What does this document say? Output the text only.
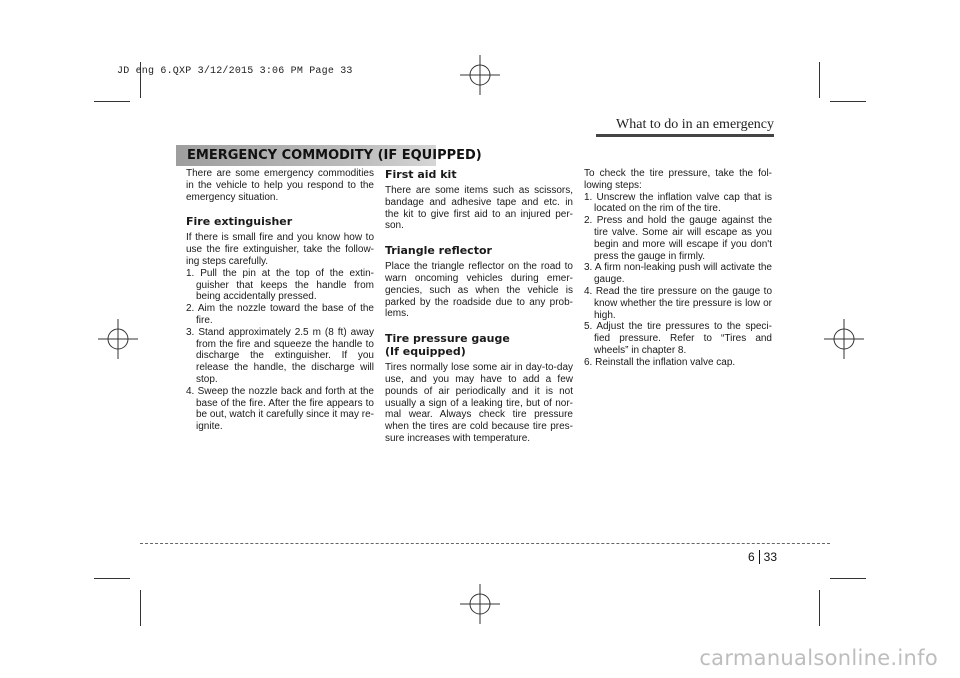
JD eng 6.QXP 3/12/2015 3:06 PM Page 33
What to do in an emergency
EMERGENCY COMMODITY (IF EQUIPPED)

There are some emergency commodities in the vehicle to help you respond to the emergency situation.

Fire extinguisher

If there is small fire and you know how to use the fire extinguisher, take the follow-ing steps carefully.

1. Pull the pin at the top of the extin-guisher that keeps the handle from being accidentally pressed.
2. Aim the nozzle toward the base of the fire.
3. Stand approximately 2.5 m (8 ft) away from the fire and squeeze the handle to discharge the extinguisher. If you release the handle, the discharge will stop.
4. Sweep the nozzle back and forth at the base of the fire. After the fire appears to be out, watch it carefully since it may re-ignite.
First aid kit

There are some items such as scissors, bandage and adhesive tape and etc. in the kit to give first aid to an injured per-son.

Triangle reflector

Place the triangle reflector on the road to warn oncoming vehicles during emer-gencies, such as when the vehicle is parked by the roadside due to any prob-lems.

Tire pressure gauge
(If equipped)

Tires normally lose some air in day-to-day use, and you may have to add a few pounds of air periodically and it is not usually a sign of a leaking tire, but of nor-mal wear. Always check tire pressure when the tires are cold because tire pres-sure increases with temperature.

To check the tire pressure, take the fol-lowing steps:

1. Unscrew the inflation valve cap that is located on the rim of the tire.
2. Press and hold the gauge against the tire valve. Some air will escape as you begin and more will escape if you don't press the gauge in firmly.
3. A firm non-leaking push will activate the gauge.
4. Read the tire pressure on the gauge to know whether the tire pressure is low or high.
5. Adjust the tire pressures to the speci-fied pressure. Refer to “Tires and wheels” in chapter 8.
6. Reinstall the inflation valve cap.
6 33
carmanualsonline.info
